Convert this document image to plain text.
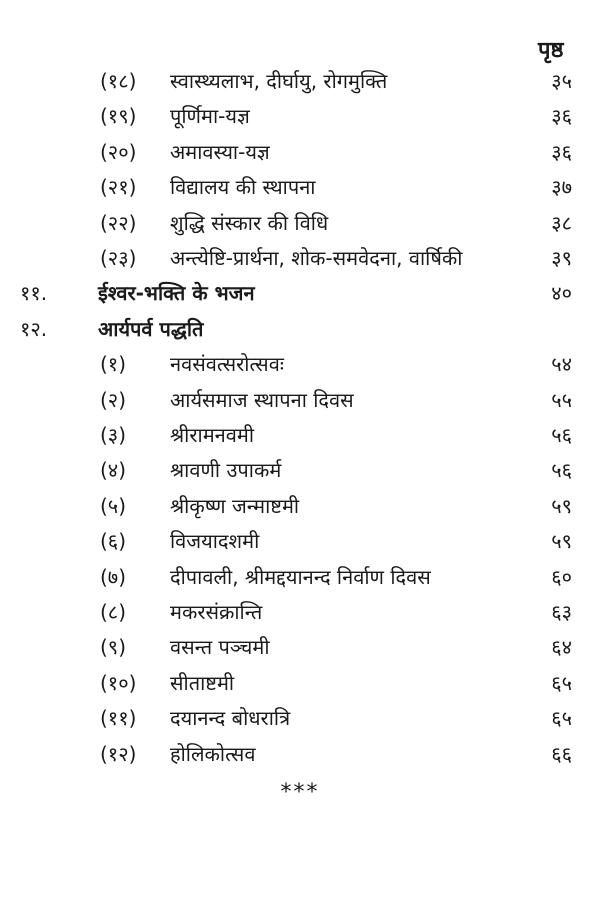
पृष्ठ
(१८) स्वास्थ्यलाभ, दीर्घायु, रोगमुक्ति	३५
(१९) पूर्णिमा-यज्ञ	३६
(२०) अमावस्या-यज्ञ	३६
(२१) विद्यालय की स्थापना	३७
(२२) शुद्धि संस्कार की विधि	३८
(२३) अन्त्येष्टि-प्रार्थना, शोक-समवेदना, वार्षिकी	३९
११.	ईश्वर-भक्ति के भजन	४०
१२.	आर्यपर्व पद्धति
(१) नवसंवत्सरोत्सवः	५४
(२) आर्यसमाज स्थापना दिवस	५५
(३) श्रीरामनवमी	५६
(४) श्रावणी उपाकर्म	५६
(५) श्रीकृष्ण जन्माष्टमी	५९
(६) विजयादशमी	५९
(७) दीपावली, श्रीमद्दयानन्द निर्वाण दिवस	६०
(८) मकरसंक्रान्ति	६३
(९) वसन्त पञ्चमी	६४
(१०) सीताष्टमी	६५
(११) दयानन्द बोधरात्रि	६५
(१२) होलिकोत्सव	६६
***
